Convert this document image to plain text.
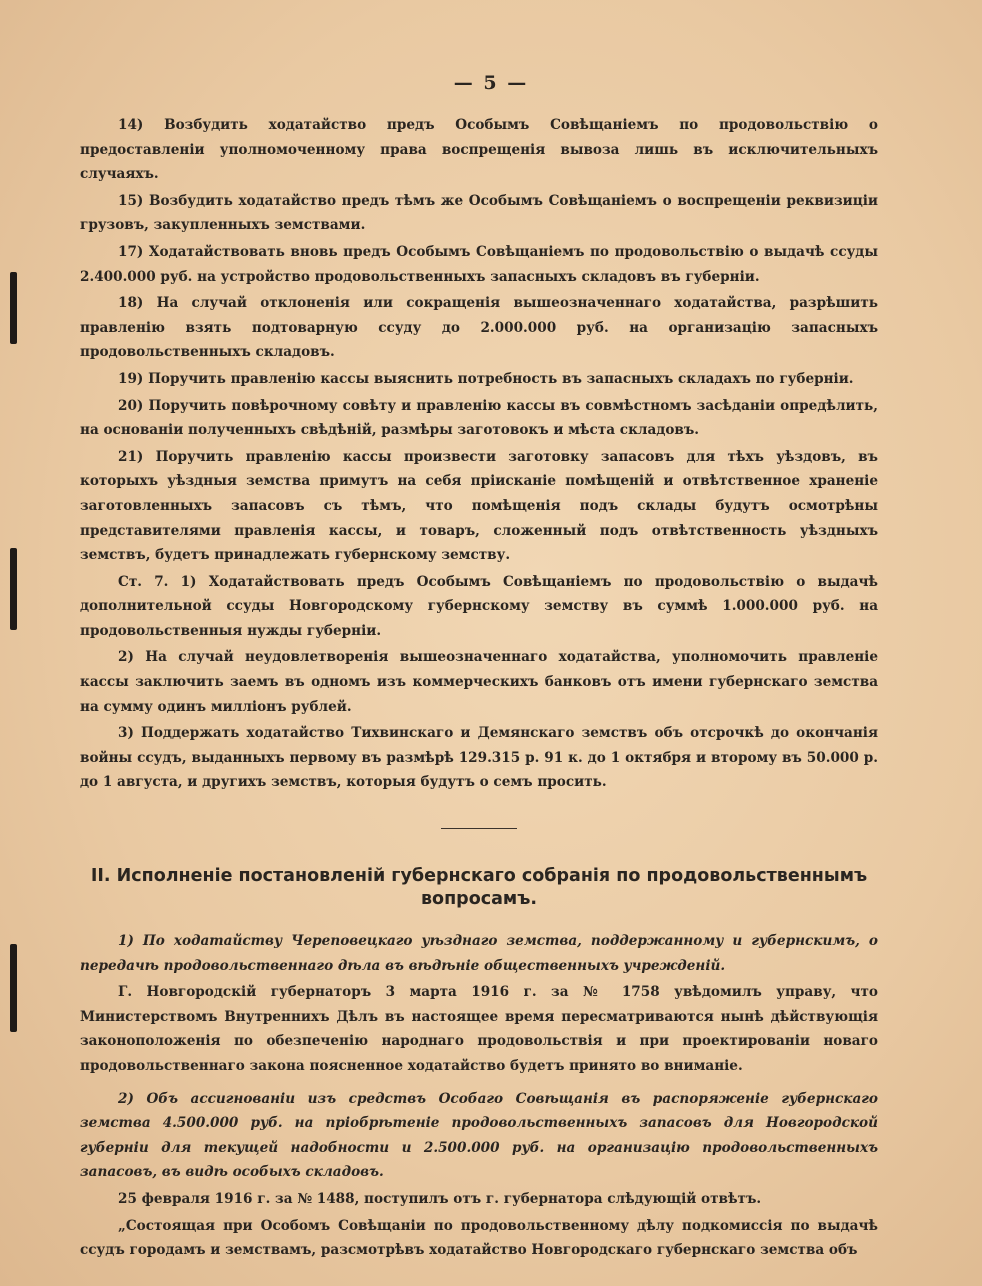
— 5 —

14) Возбудить ходатайство предъ Особымъ Совѣщаніемъ по продовольствію о предоставленіи уполномоченному права воспрещенія вывоза лишь въ исключительныхъ случаяхъ.

15) Возбудить ходатайство предъ тѣмъ же Особымъ Совѣщаніемъ о воспрещеніи реквизиціи грузовъ, закупленныхъ земствами.

17) Ходатайствовать вновь предъ Особымъ Совѣщаніемъ по продовольствію о выдачѣ ссуды 2.400.000 руб. на устройство продовольственныхъ запасныхъ складовъ въ губерніи.

18) На случай отклоненія или сокращенія вышеозначеннаго ходатайства, разрѣшить правленію взять подтоварную ссуду до 2.000.000 руб. на организацію запасныхъ продовольственныхъ складовъ.

19) Поручить правленію кассы выяснить потребность въ запасныхъ складахъ по губерніи.

20) Поручить повѣрочному совѣту и правленію кассы въ совмѣстномъ засѣданіи опредѣлить, на основаніи полученныхъ свѣдѣній, размѣры заготовокъ и мѣста складовъ.

21) Поручить правленію кассы произвести заготовку запасовъ для тѣхъ уѣздовъ, въ которыхъ уѣздныя земства примутъ на себя пріисканіе помѣщеній и отвѣтственное храненіе заготовленныхъ запасовъ съ тѣмъ, что помѣщенія подъ склады будутъ осмотрѣны представителями правленія кассы, и товаръ, сложенный подъ отвѣтственность уѣздныхъ земствъ, будетъ принадлежать губернскому земству.

Ст. 7. 1) Ходатайствовать предъ Особымъ Совѣщаніемъ по продовольствію о выдачѣ дополнительной ссуды Новгородскому губернскому земству въ суммѣ 1.000.000 руб. на продовольственныя нужды губерніи.

2) На случай неудовлетворенія вышеозначеннаго ходатайства, уполномочить правленіе кассы заключить заемъ въ одномъ изъ коммерческихъ банковъ отъ имени губернскаго земства на сумму одинъ милліонъ рублей.

3) Поддержать ходатайство Тихвинскаго и Демянскаго земствъ объ отсрочкѣ до окончанія войны ссудъ, выданныхъ первому въ размѣрѣ 129.315 р. 91 к. до 1 октября и второму въ 50.000 р. до 1 августа, и другихъ земствъ, которыя будутъ о семъ просить.

II. Исполненіе постановленій губернскаго собранія по продовольственнымъ вопросамъ.

1) По ходатайству Череповецкаго уѣзднаго земства, поддержанному и губернскимъ, о передачѣ продовольственнаго дѣла въ вѣдѣніе общественныхъ учрежденій.

Г. Новгородскій губернаторъ 3 марта 1916 г. за № 1758 увѣдомилъ управу, что Министерствомъ Внутреннихъ Дѣлъ въ настоящее время пересматриваются нынѣ дѣйствующія законоположенія по обезпеченію народнаго продовольствія и при проектированіи новаго продовольственнаго закона поясненное ходатайство будетъ принято во вниманіе.

2) Объ ассигнованіи изъ средствъ Особаго Совѣщанія въ распоряженіе губернскаго земства 4.500.000 руб. на пріобрѣтеніе продовольственныхъ запасовъ для Новгородской губерніи для текущей надобности и 2.500.000 руб. на организацію продовольственныхъ запасовъ, въ видѣ особыхъ складовъ.

25 февраля 1916 г. за № 1488, поступилъ отъ г. губернатора слѣдующій отвѣтъ.

„Состоящая при Особомъ Совѣщаніи по продовольственному дѣлу подкомиссія по выдачѣ ссудъ городамъ и земствамъ, разсмотрѣвъ ходатайство Новгородскаго губернскаго земства объ
